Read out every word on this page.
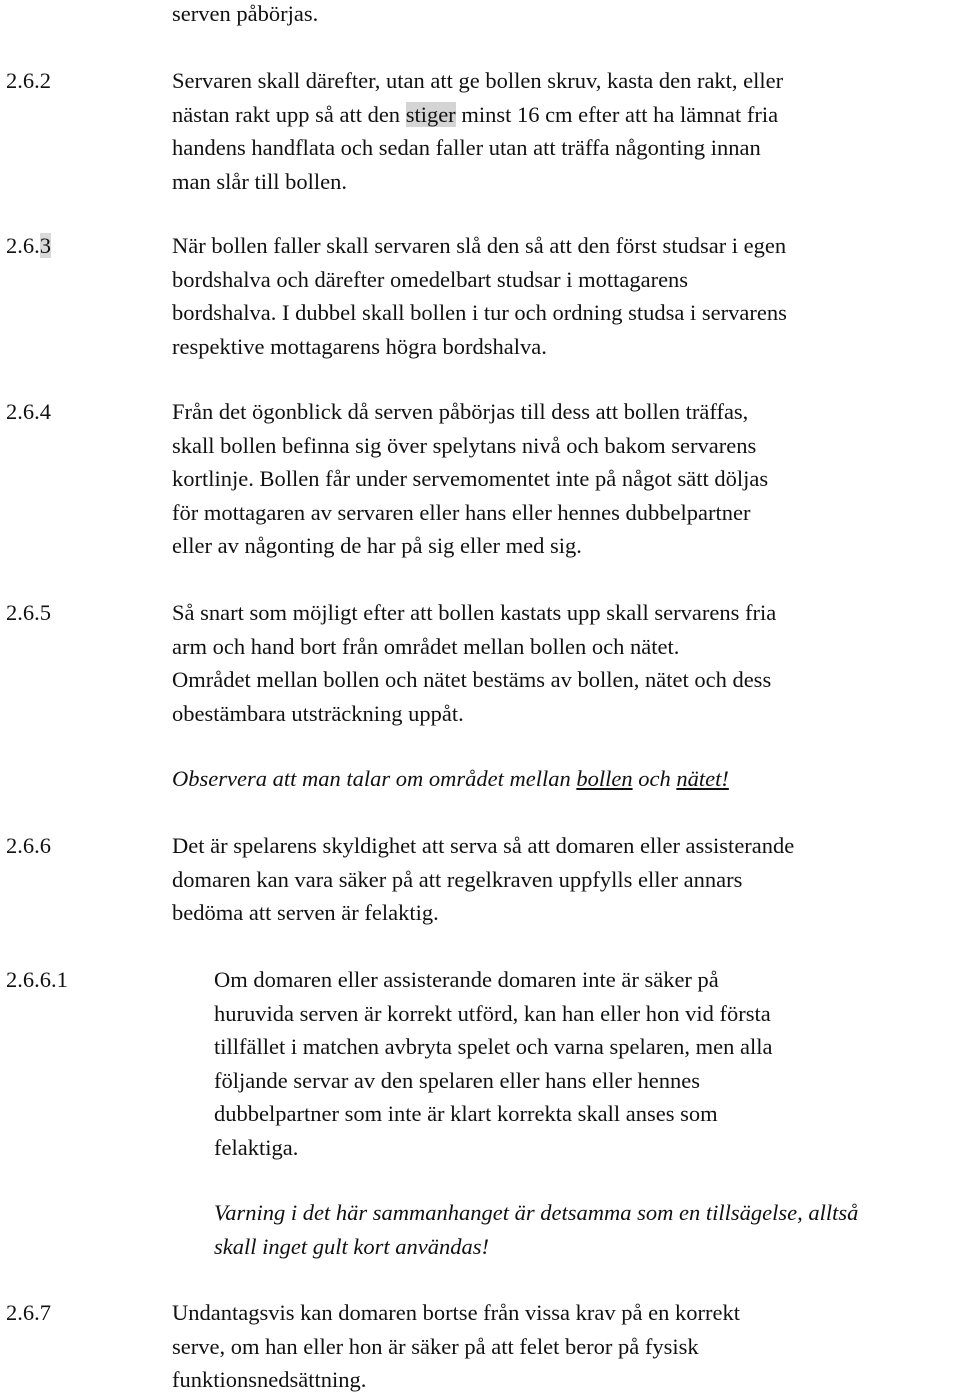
serven påbörjas.
2.6.2	Servaren skall därefter, utan att ge bollen skruv, kasta den rakt, eller
nästan rakt upp så att den stiger minst 16 cm efter att ha lämnat fria
handens handflata och sedan faller utan att träffa någonting innan
man slår till bollen.
2.6.3	När bollen faller skall servaren slå den så att den först studsar i egen
bordshalva och därefter omedelbart studsar i mottagarens
bordshalva. I dubbel skall bollen i tur och ordning studsa i servarens
respektive mottagarens högra bordshalva.
2.6.4	Från det ögonblick då serven påbörjas till dess att bollen träffas,
skall bollen befinna sig över spelytans nivå och bakom servarens
kortlinje. Bollen får under servemomentet inte på något sätt döljas
för mottagaren av servaren eller hans eller hennes dubbelpartner
eller av någonting de har på sig eller med sig.
2.6.5	Så snart som möjligt efter att bollen kastats upp skall servarens fria
arm och hand bort från området mellan bollen och nätet.
Området mellan bollen och nätet bestäms av bollen, nätet och dess
obestämbara utsträckning uppåt.
Observera att man talar om området mellan bollen och nätet!
2.6.6	Det är spelarens skyldighet att serva så att domaren eller assisterande
domaren kan vara säker på att regelkraven uppfylls eller annars
bedöma att serven är felaktig.
2.6.6.1	Om domaren eller assisterande domaren inte är säker på
huruvida serven är korrekt utförd, kan han eller hon vid första
tillfället i matchen avbryta spelet och varna spelaren, men alla
följande servar av den spelaren eller hans eller hennes
dubbelpartner som inte är klart korrekta skall anses som
felaktiga.
Varning i det här sammanhanget är detsamma som en tillsägelse, alltså
skall inget gult kort användas!
2.6.7	Undantagsvis kan domaren bortse från vissa krav på en korrekt
serve, om han eller hon är säker på att felet beror på fysisk
funktionsnedsättning.
